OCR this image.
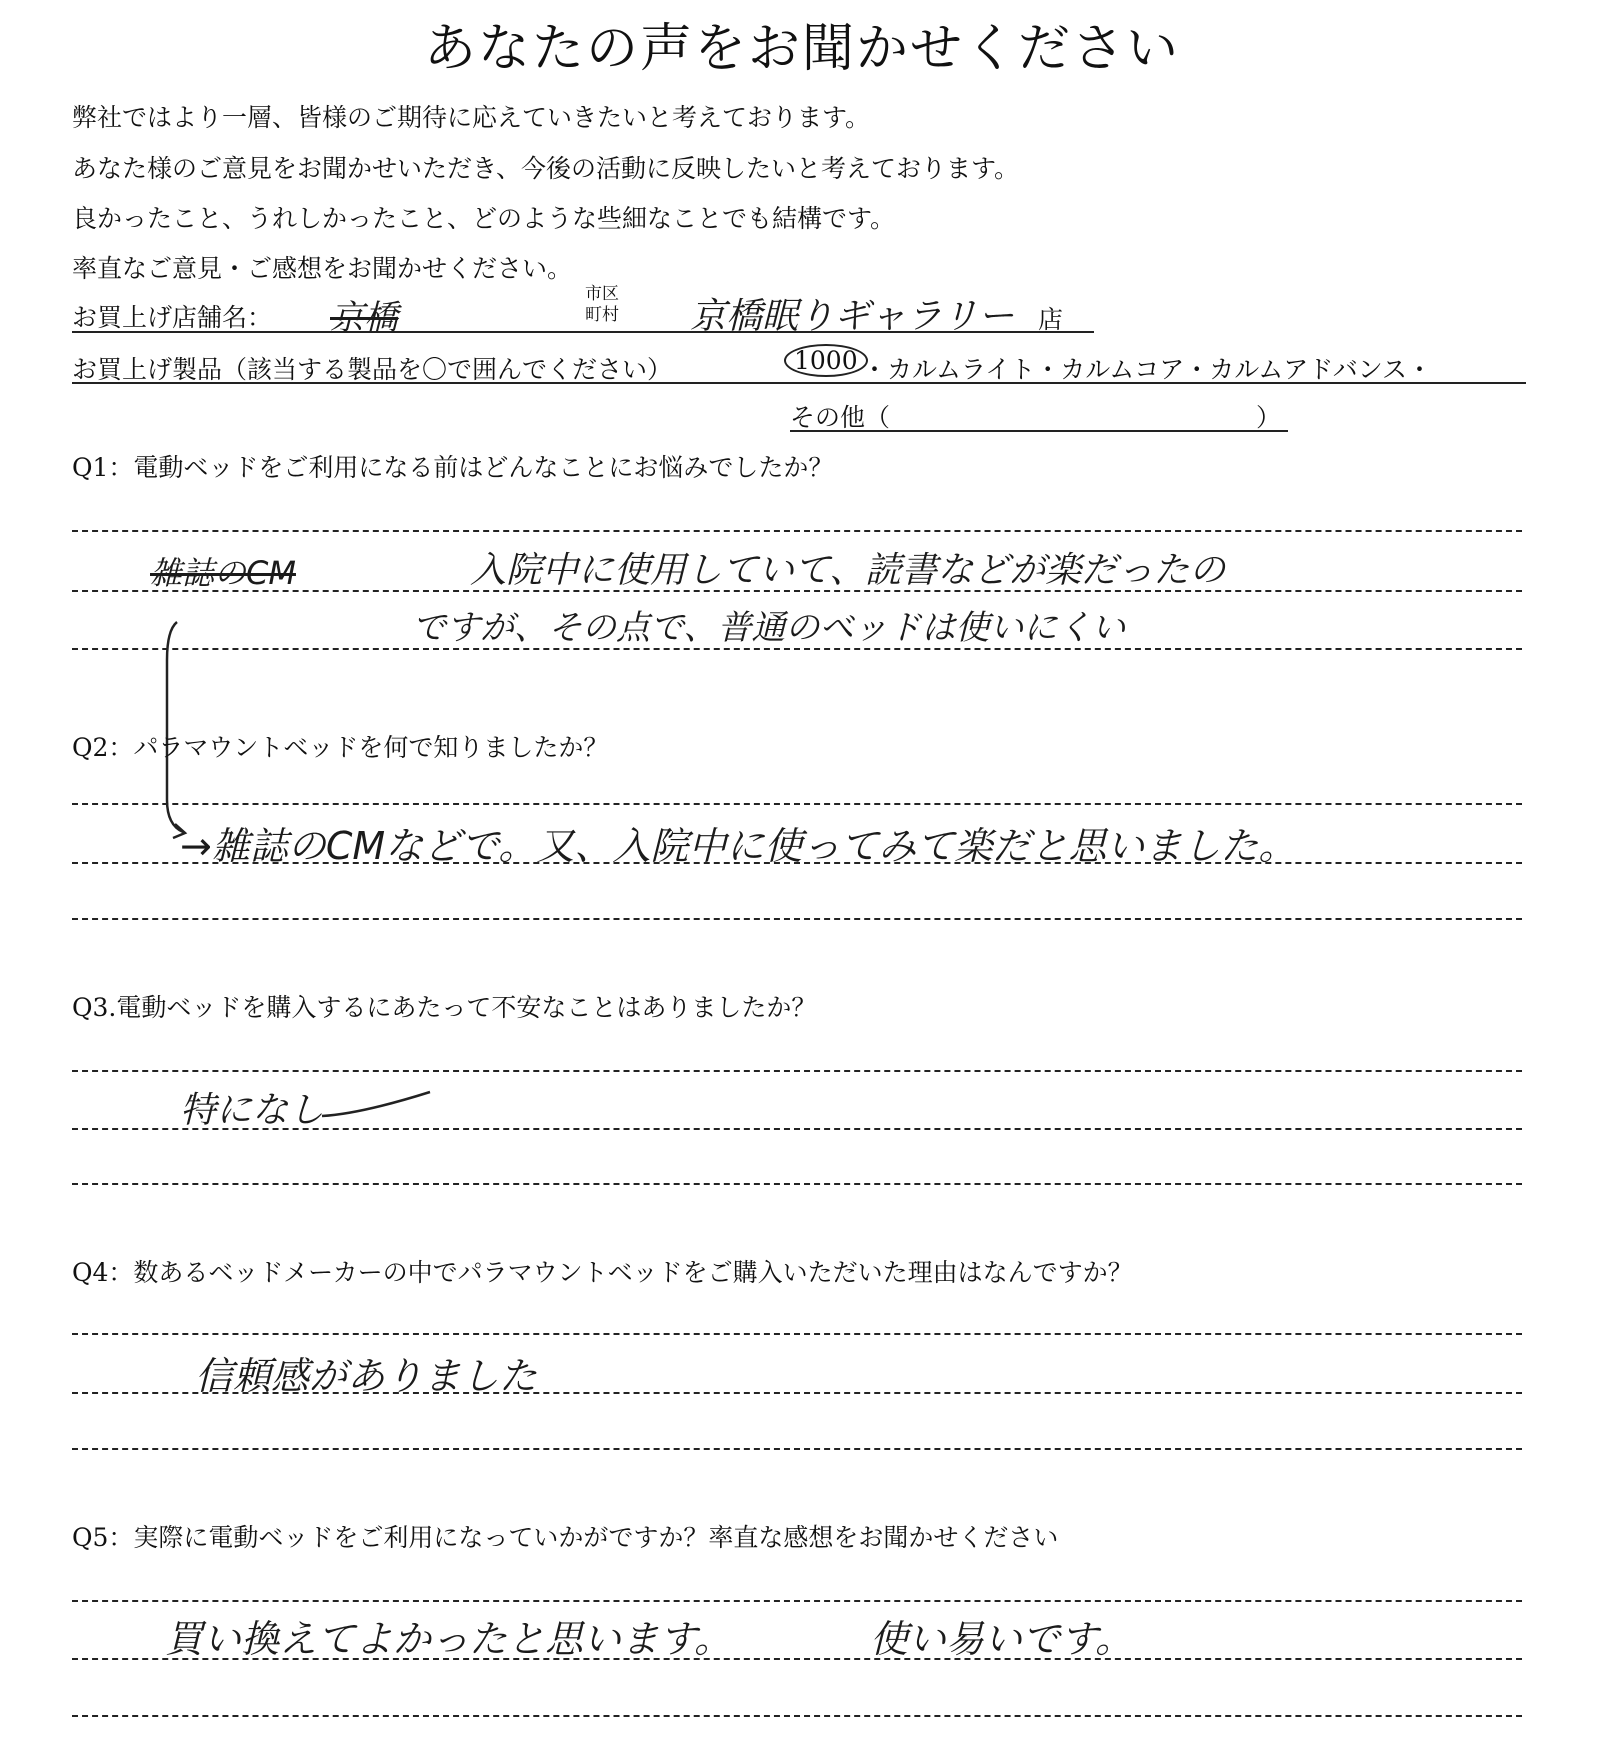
あなたの声をお聞かせください
弊社ではより一層、皆様のご期待に応えていきたいと考えております。
あなた様のご意見をお聞かせいただき、今後の活動に反映したいと考えております。
良かったこと、うれしかったこと、どのような些細なことでも結構です。
率直なご意見・ご感想をお聞かせください。
お買上げ店舗名： 京橋
市区
町村 京橋眠りギャラリー 店
お買上げ製品（該当する製品を〇で囲んでください）	1000 ・カルムライト・カルムコア・カルムアドバンス・
その他（	）
Q1：電動ベッドをご利用になる前はどんなことにお悩みでしたか？
雑誌のCM	入院中に使用していて、読書などが楽だったの
ですが、その点で、普通のベッドは使いにくい
Q2：パラマウントベッドを何で知りましたか？
→雑誌のCMなどで。又、入院中に使ってみて楽だと思いました。
Q3.電動ベッドを購入するにあたって不安なことはありましたか？
特になし
Q4：数あるベッドメーカーの中でパラマウントベッドをご購入いただいた理由はなんですか？
信頼感がありました
Q5：実際に電動ベッドをご利用になっていかがですか？率直な感想をお聞かせください
買い換えてよかったと思います。	使い易いです。
